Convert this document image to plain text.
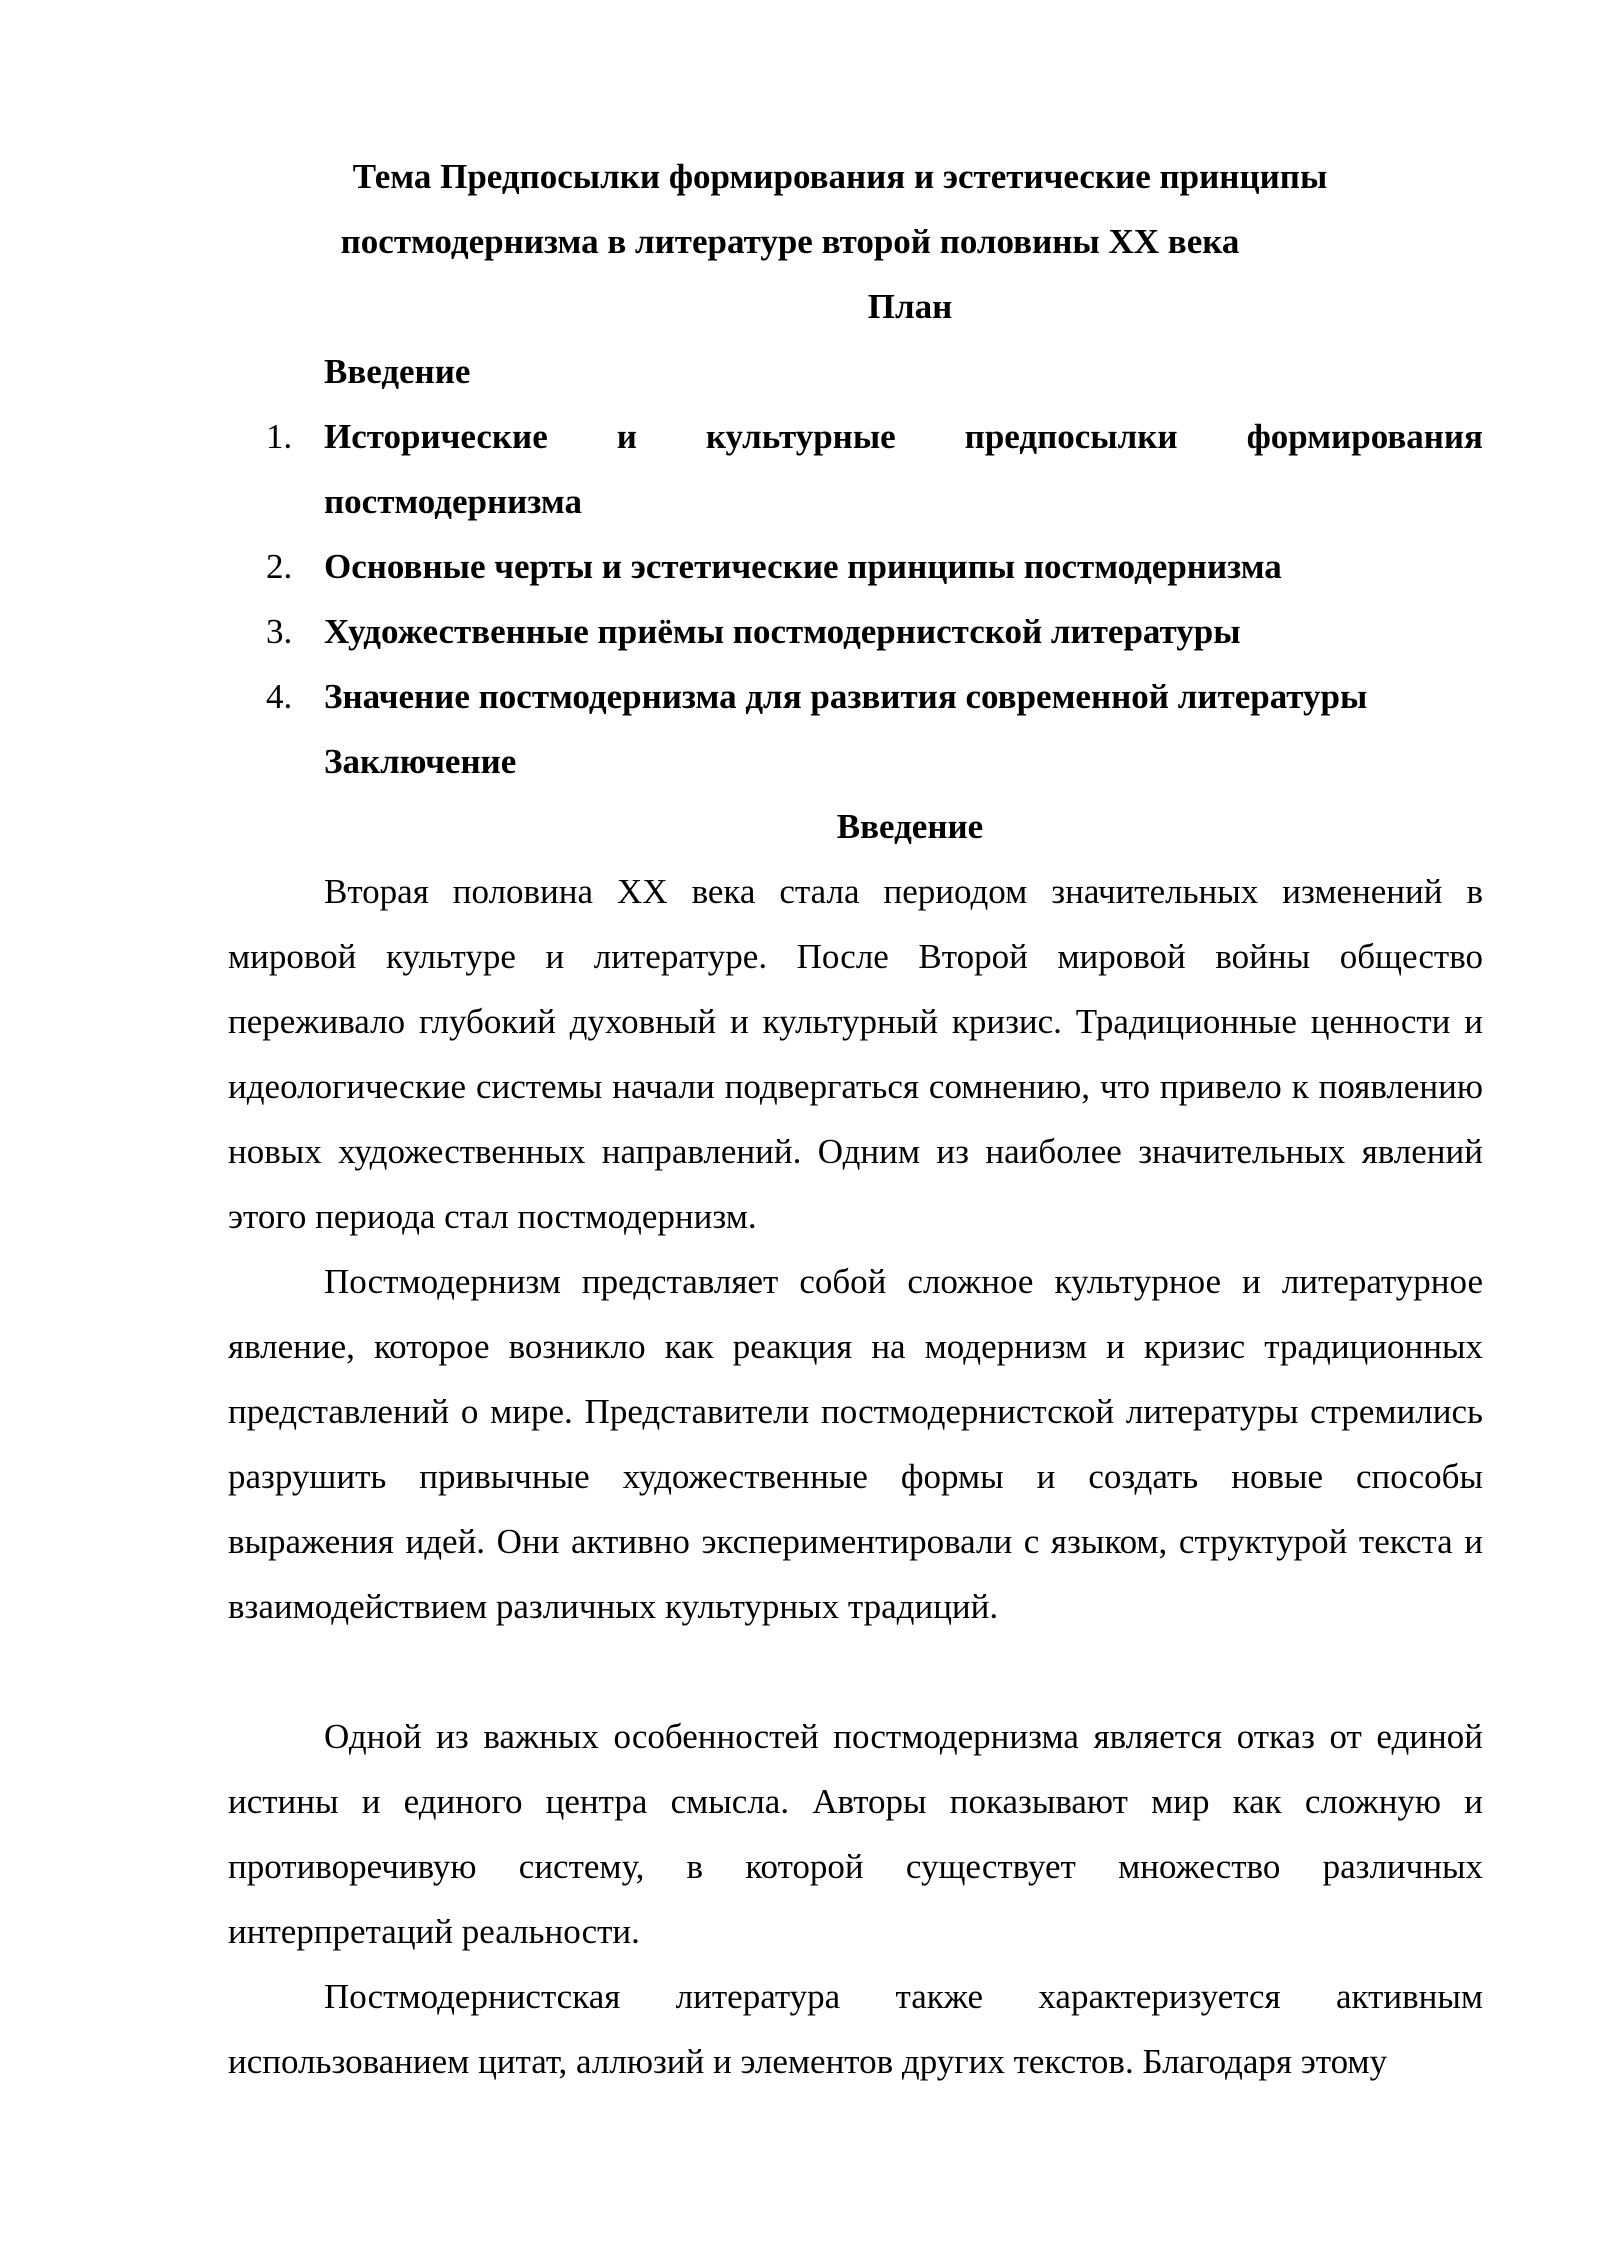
Тема Предпосылки формирования и эстетические принципы
постмодернизма в литературе второй половины XX века
План
Введение
1. Исторические и культурные предпосылки формирования постмодернизма
2. Основные черты и эстетические принципы постмодернизма
3. Художественные приёмы постмодернистской литературы
4. Значение постмодернизма для развития современной литературы
Заключение
Введение
Вторая половина XX века стала периодом значительных изменений в мировой культуре и литературе. После Второй мировой войны общество переживало глубокий духовный и культурный кризис. Традиционные ценности и идеологические системы начали подвергаться сомнению, что привело к появлению новых художественных направлений. Одним из наиболее значительных явлений этого периода стал постмодернизм.
Постмодернизм представляет собой сложное культурное и литературное явление, которое возникло как реакция на модернизм и кризис традиционных представлений о мире. Представители постмодернистской литературы стремились разрушить привычные художественные формы и создать новые способы выражения идей. Они активно экспериментировали с языком, структурой текста и взаимодействием различных культурных традиций.
Одной из важных особенностей постмодернизма является отказ от единой истины и единого центра смысла. Авторы показывают мир как сложную и противоречивую систему, в которой существует множество различных интерпретаций реальности.
Постмодернистская литература также характеризуется активным использованием цитат, аллюзий и элементов других текстов. Благодаря этому
